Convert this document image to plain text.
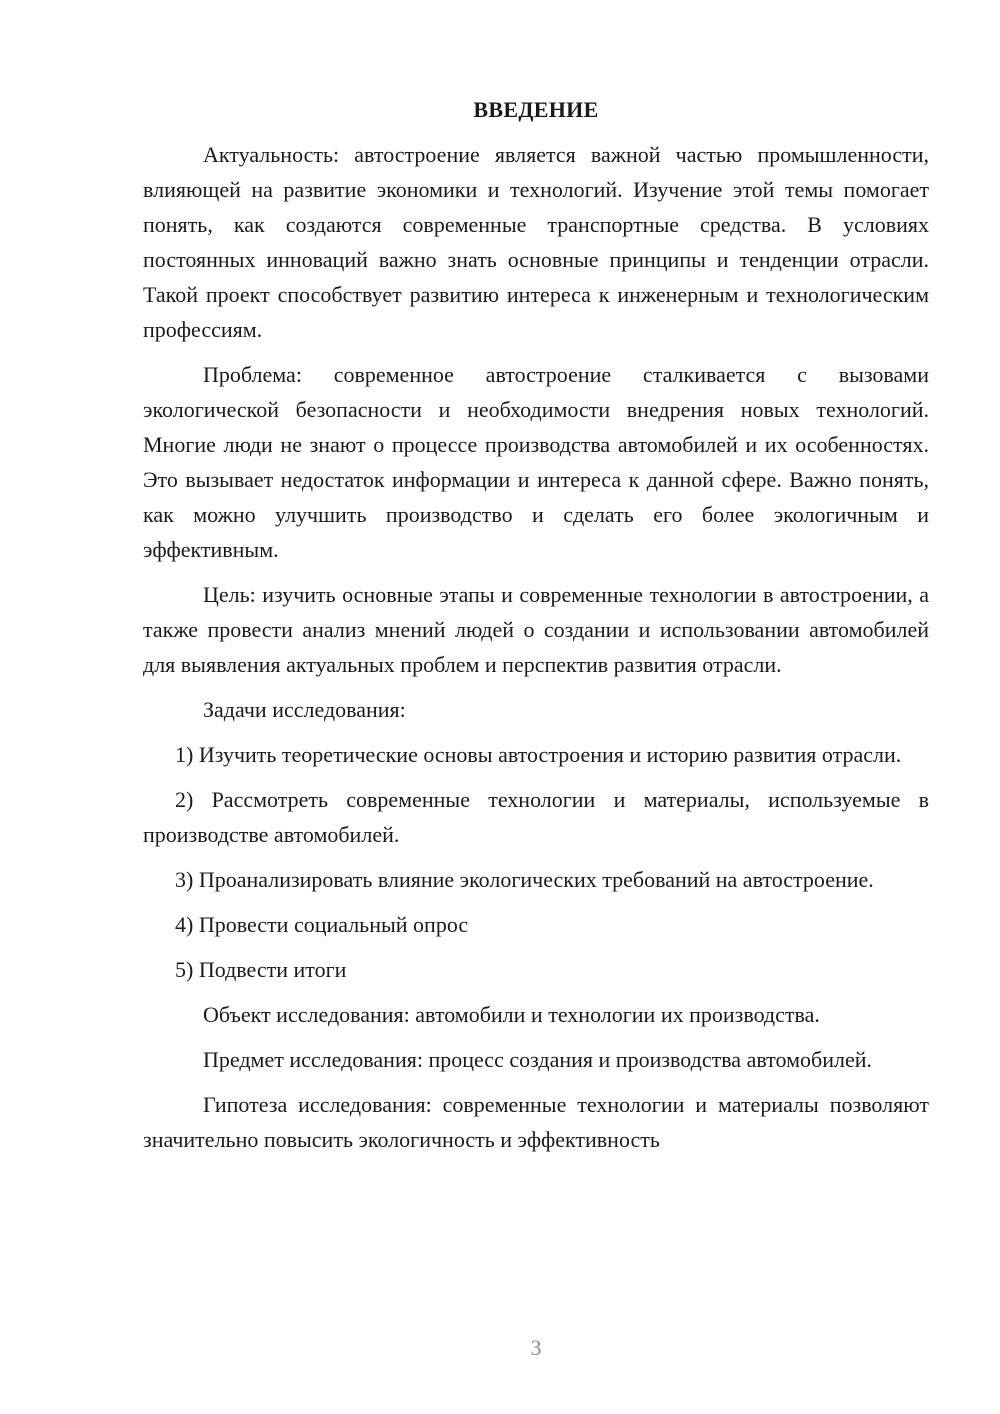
ВВЕДЕНИЕ

Актуальность: автостроение является важной частью промышленности, влияющей на развитие экономики и технологий. Изучение этой темы помогает понять, как создаются современные транспортные средства. В условиях постоянных инноваций важно знать основные принципы и тенденции отрасли. Такой проект способствует развитию интереса к инженерным и технологическим профессиям.

Проблема: современное автостроение сталкивается с вызовами экологической безопасности и необходимости внедрения новых технологий. Многие люди не знают о процессе производства автомобилей и их особенностях. Это вызывает недостаток информации и интереса к данной сфере. Важно понять, как можно улучшить производство и сделать его более экологичным и эффективным.

Цель: изучить основные этапы и современные технологии в автостроении, а также провести анализ мнений людей о создании и использовании автомобилей для выявления актуальных проблем и перспектив развития отрасли.

Задачи исследования:

1) Изучить теоретические основы автостроения и историю развития отрасли.

2) Рассмотреть современные технологии и материалы, используемые в производстве автомобилей.

3) Проанализировать влияние экологических требований на автостроение.

4) Провести социальный опрос

5) Подвести итоги

Объект исследования: автомобили и технологии их производства.

Предмет исследования: процесс создания и производства автомобилей.

Гипотеза исследования: современные технологии и материалы позволяют значительно повысить экологичность и эффективность

3
